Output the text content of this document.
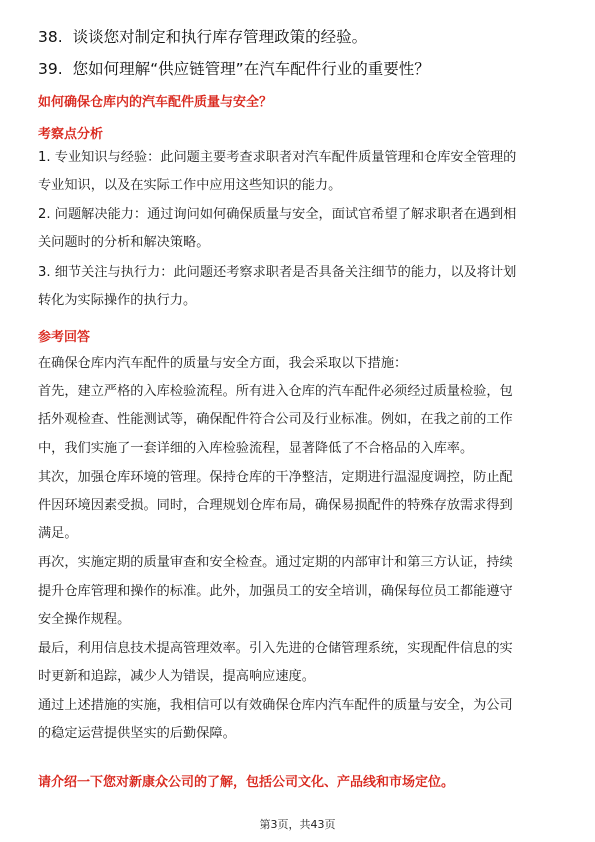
38. 谈谈您对制定和执行库存管理政策的经验。
39. 您如何理解“供应链管理”在汽车配件行业的重要性？
如何确保仓库内的汽车配件质量与安全？
考察点分析
1. 专业知识与经验：此问题主要考查求职者对汽车配件质量管理和仓库安全管理的
专业知识，以及在实际工作中应用这些知识的能力。
2. 问题解决能力：通过询问如何确保质量与安全，面试官希望了解求职者在遇到相
关问题时的分析和解决策略。
3. 细节关注与执行力：此问题还考察求职者是否具备关注细节的能力，以及将计划
转化为实际操作的执行力。
参考回答
在确保仓库内汽车配件的质量与安全方面，我会采取以下措施：
首先，建立严格的入库检验流程。所有进入仓库的汽车配件必须经过质量检验，包
括外观检查、性能测试等，确保配件符合公司及行业标准。例如，在我之前的工作
中，我们实施了一套详细的入库检验流程，显著降低了不合格品的入库率。
其次，加强仓库环境的管理。保持仓库的干净整洁，定期进行温湿度调控，防止配
件因环境因素受损。同时，合理规划仓库布局，确保易损配件的特殊存放需求得到
满足。
再次，实施定期的质量审查和安全检查。通过定期的内部审计和第三方认证，持续
提升仓库管理和操作的标准。此外，加强员工的安全培训，确保每位员工都能遵守
安全操作规程。
最后，利用信息技术提高管理效率。引入先进的仓储管理系统，实现配件信息的实
时更新和追踪，减少人为错误，提高响应速度。
通过上述措施的实施，我相信可以有效确保仓库内汽车配件的质量与安全，为公司
的稳定运营提供坚实的后勤保障。
请介绍一下您对新康众公司的了解，包括公司文化、产品线和市场定位。
第3页，共43页
